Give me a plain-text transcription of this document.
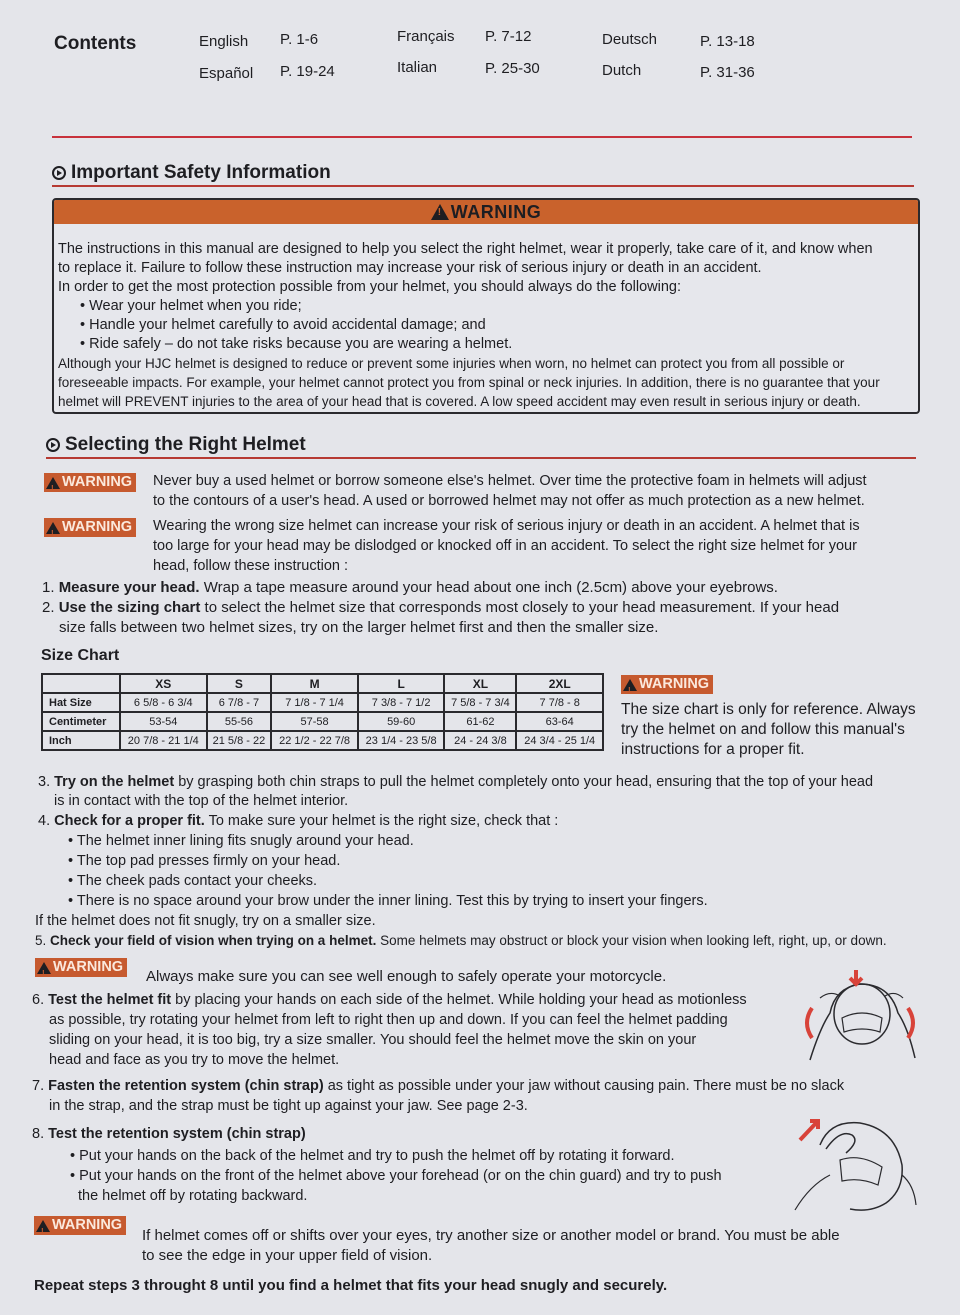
Contents	English P. 1-6	Français P. 7-12	Deutsch	P. 13-18
Español P. 19-24	Italian	P. 25-30	Dutch	P. 31-36
Important Safety Information
!
WARNING
The instructions in this manual are designed to help you select the right helmet, wear it properly, take care of it, and know when
to replace it. Failure to follow these instruction may increase your risk of serious injury or death in an accident.
In order to get the most protection possible from your helmet, you should always do the following:
• Wear your helmet when you ride;
• Handle your helmet carefully to avoid accidental damage; and
• Ride safely – do not take risks because you are wearing a helmet.
Although your HJC helmet is designed to reduce or prevent some injuries when worn, no helmet can protect you from all possible or
foreseeable impacts. For example, your helmet cannot protect you from spinal or neck injuries. In addition, there is no guarantee that your
helmet will PREVENT injuries to the area of your head that is covered. A low speed accident may even result in serious injury or death.
Selecting the Right Helmet
!
WARNING Never buy a used helmet or borrow someone else's helmet. Over time the protective foam in helmets will adjust
to the contours of a user's head. A used or borrowed helmet may not offer as much protection as a new helmet.
!
WARNING Wearing the wrong size helmet can increase your risk of serious injury or death in an accident. A helmet that is
too large for your head may be dislodged or knocked off in an accident. To select the right size helmet for your
head, follow these instruction :
1. Measure your head. Wrap a tape measure around your head about one inch (2.5cm) above your eyebrows.
2. Use the sizing chart to select the helmet size that corresponds most closely to your head measurement. If your head
size falls between two helmet sizes, try on the larger helmet first and then the smaller size.
Size Chart
	XS	S	M	L	XL	2XL
Hat Size	6 5/8 - 6 3/4	6 7/8 - 7	7 1/8 - 7 1/4	7 3/8 - 7 1/2	7 5/8 - 7 3/4	7 7/8 - 8
Centimeter	53-54	55-56	57-58	59-60	61-62	63-64
Inch	20 7/8 - 21 1/4	21 5/8 - 22	22 1/2 - 22 7/8	23 1/4 - 23 5/8	24 - 24 3/8	24 3/4 - 25 1/4
!
WARNING
The size chart is only for reference. Always
try the helmet on and follow this manual's
instructions for a proper fit.
3. Try on the helmet by grasping both chin straps to pull the helmet completely onto your head, ensuring that the top of your head
is in contact with the top of the helmet interior.
4. Check for a proper fit. To make sure your helmet is the right size, check that :
• The helmet inner lining fits snugly around your head.
• The top pad presses firmly on your head.
• The cheek pads contact your cheeks.
• There is no space around your brow under the inner lining. Test this by trying to insert your fingers.
If the helmet does not fit snugly, try on a smaller size.
5. Check your field of vision when trying on a helmet. Some helmets may obstruct or block your vision when looking left, right, up, or down.
!
WARNING
Always make sure you can see well enough to safely operate your motorcycle.
6. Test the helmet fit by placing your hands on each side of the helmet. While holding your head as motionless
as possible, try rotating your helmet from left to right then up and down. If you can feel the helmet padding
sliding on your head, it is too big, try a size smaller. You should feel the helmet move the skin on your
head and face as you try to move the helmet.
7. Fasten the retention system (chin strap) as tight as possible under your jaw without causing pain. There must be no slack
in the strap, and the strap must be tight up against your jaw. See page 2-3.
8. Test the retention system (chin strap)
• Put your hands on the back of the helmet and try to push the helmet off by rotating it forward.
• Put your hands on the front of the helmet above your forehead (or on the chin guard) and try to push
the helmet off by rotating backward.
!
WARNING
If helmet comes off or shifts over your eyes, try another size or another model or brand. You must be able
to see the edge in your upper field of vision.
Repeat steps 3 throught 8 until you find a helmet that fits your head snugly and securely.
